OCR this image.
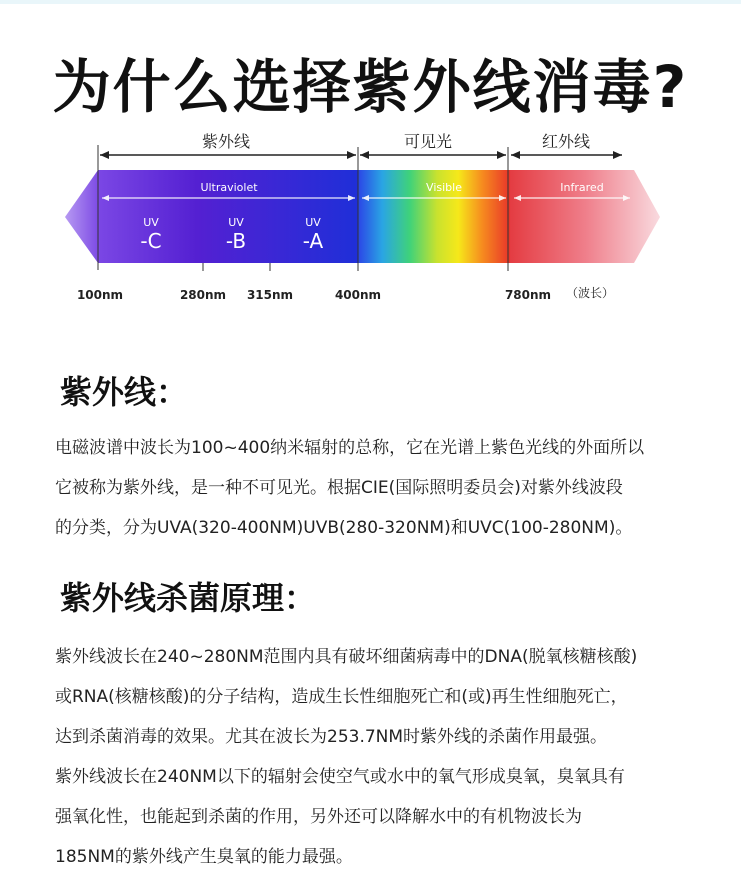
为什么选择紫外线消毒?
紫外线	可见光	红外线
Ultraviolet	Visible	Infrared
UV
-C
UV
-B
UV
-A
100nm	280nm 315nm	400nm	780nm （波长）
紫外线：

电磁波谱中波长为100~400纳米辐射的总称，它在光谱上紫色光线的外面所以

它被称为紫外线，是一种不可见光。根据CIE(国际照明委员会)对紫外线波段

的分类，分为UVA(320-400NM)UVB(280-320NM)和UVC(100-280NM)。

紫外线杀菌原理：

紫外线波长在240~280NM范围内具有破坏细菌病毒中的DNA(脱氧核糖核酸)

或RNA(核糖核酸)的分子结构，造成生长性细胞死亡和(或)再生性细胞死亡，

达到杀菌消毒的效果。尤其在波长为253.7NM时紫外线的杀菌作用最强。

紫外线波长在240NM以下的辐射会使空气或水中的氧气形成臭氧，臭氧具有

强氧化性，也能起到杀菌的作用，另外还可以降解水中的有机物波长为

185NM的紫外线产生臭氧的能力最强。
